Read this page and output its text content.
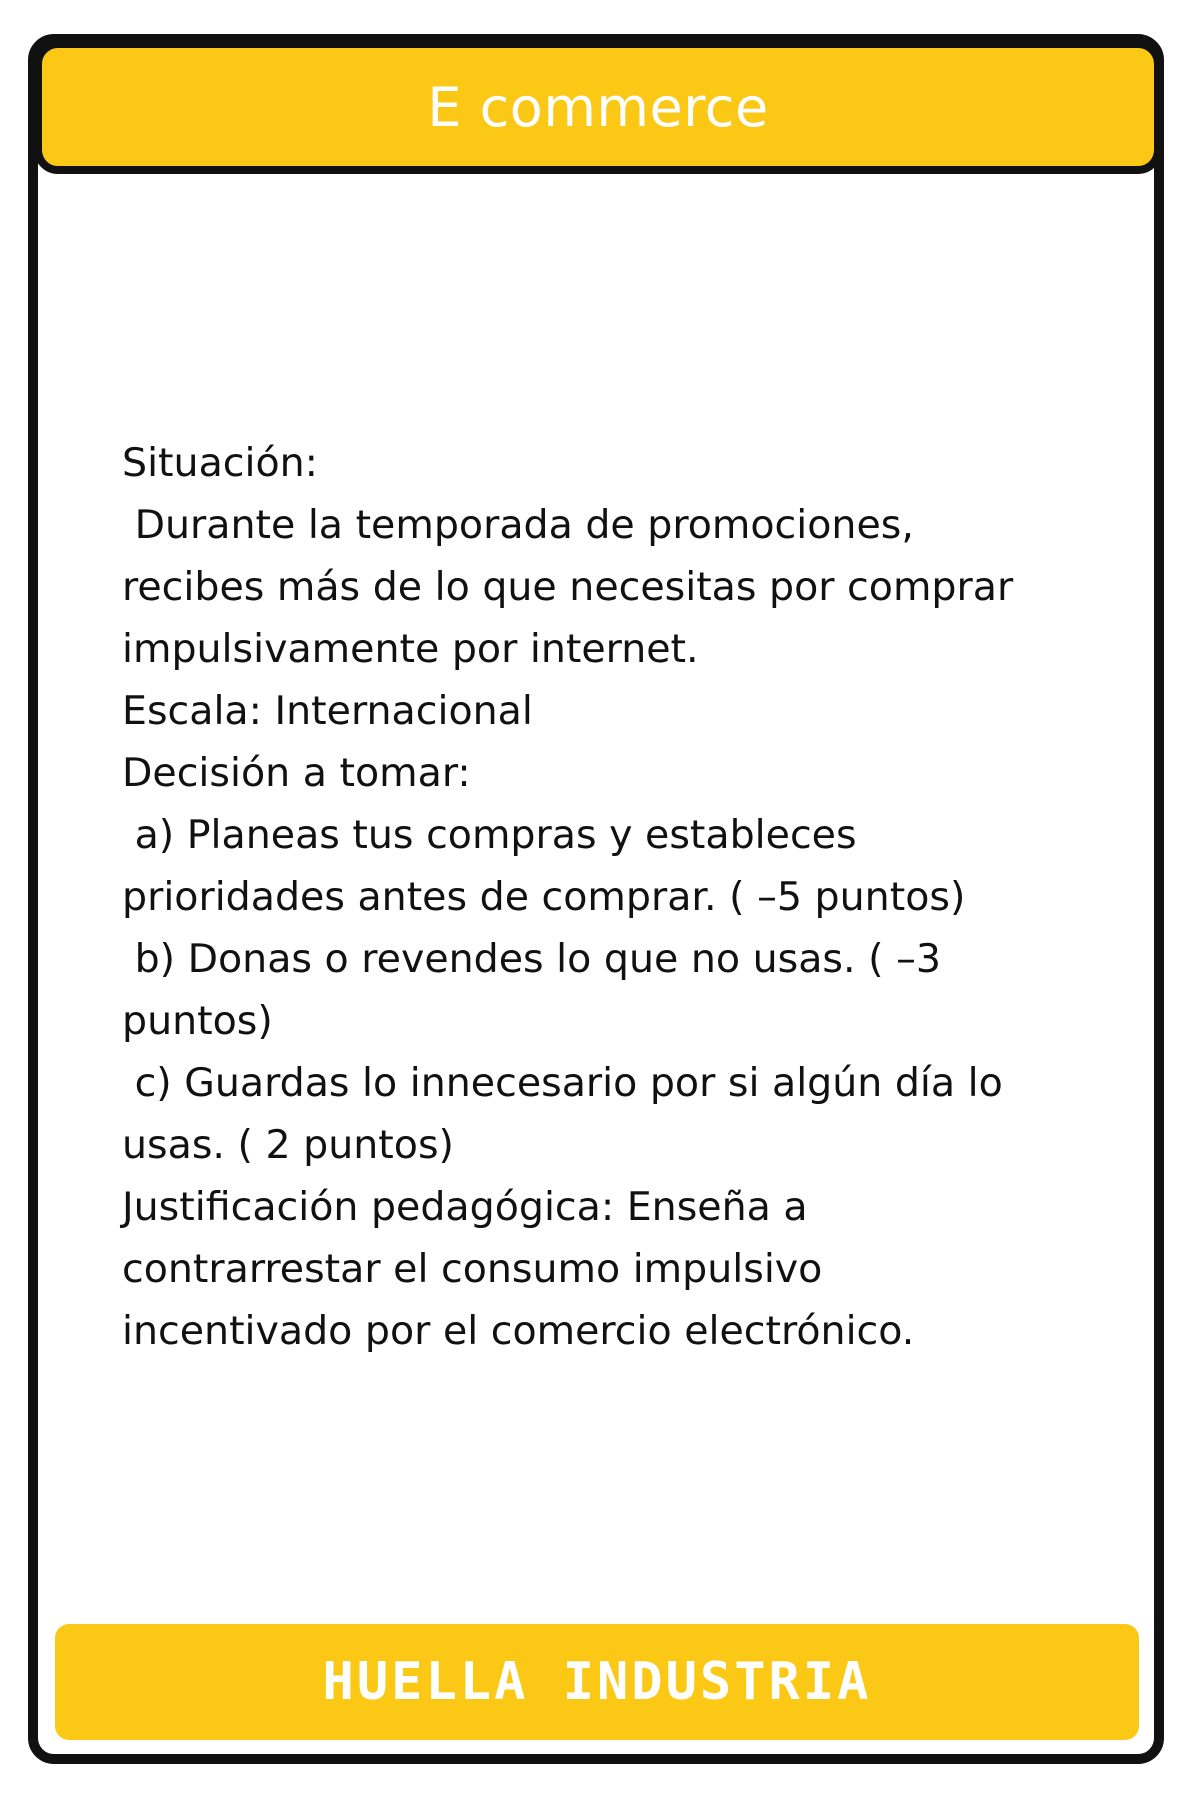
E commerce

Situación:

Durante la temporada de promociones,

recibes más de lo que necesitas por comprar

impulsivamente por internet.

Escala: Internacional

Decisión a tomar:

a) Planeas tus compras y estableces

prioridades antes de comprar. ( –5 puntos)

b) Donas o revendes lo que no usas. ( –3

puntos)

c) Guardas lo innecesario por si algún día lo

usas. ( 2 puntos)

Justificación pedagógica: Enseña a

contrarrestar el consumo impulsivo

incentivado por el comercio electrónico.

HUELLA INDUSTRIA
